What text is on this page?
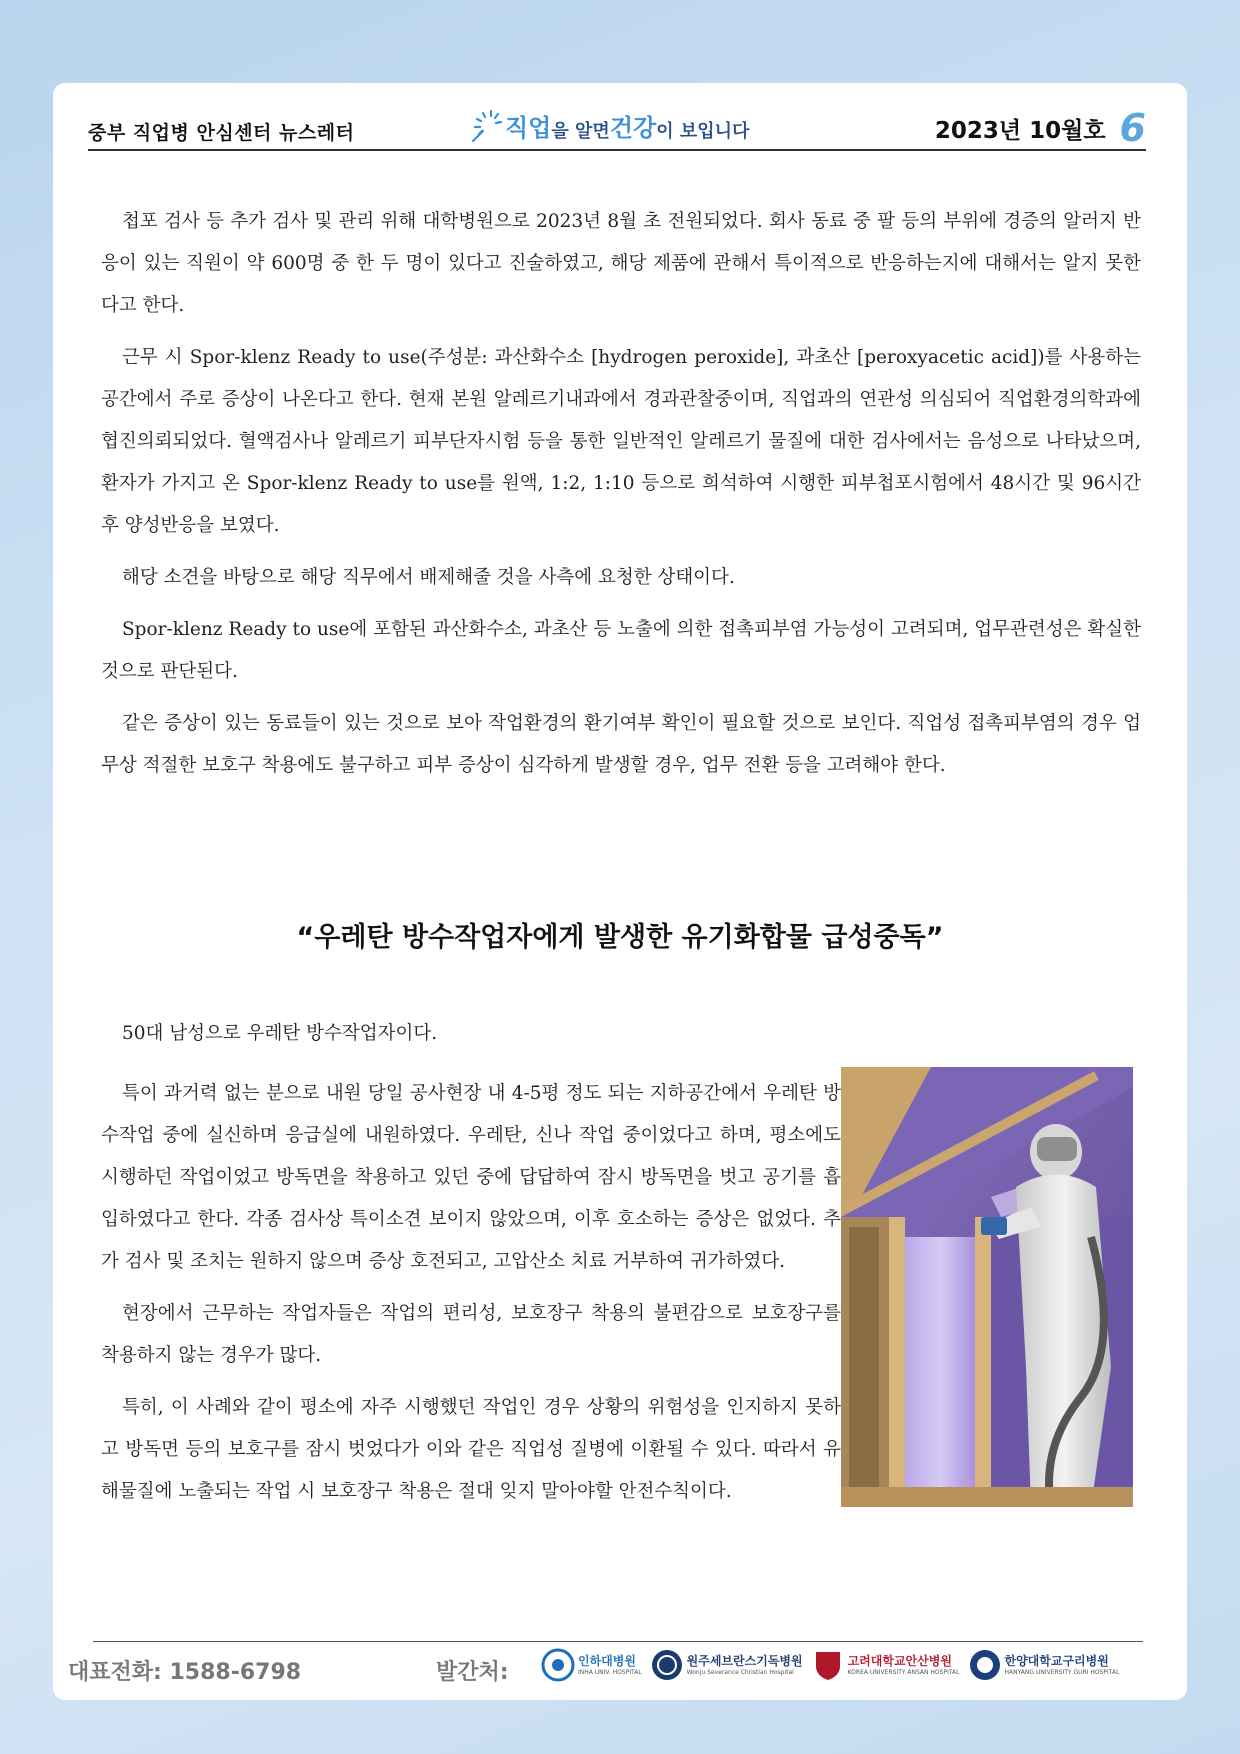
중부 직업병 안심센터 뉴스레터	직업 을 알면 건강 이 보입니다	2023년 10월호 6

첩포 검사 등 추가 검사 및 관리 위해 대학병원으로 2023년 8월 초 전원되었다. 회사 동료 중 팔 등의 부위에 경증의 알러지 반응이 있는 직원이 약 600명 중 한 두 명이 있다고 진술하였고, 해당 제품에 관해서 특이적으로 반응하는지에 대해서는 알지 못한다고 한다.

근무 시 Spor-klenz Ready to use(주성분: 과산화수소 [hydrogen peroxide], 과초산 [peroxyacetic acid])를 사용하는 공간에서 주로 증상이 나온다고 한다. 현재 본원 알레르기내과에서 경과관찰중이며, 직업과의 연관성 의심되어 직업환경의학과에 협진의뢰되었다. 혈액검사나 알레르기 피부단자시험 등을 통한 일반적인 알레르기 물질에 대한 검사에서는 음성으로 나타났으며, 환자가 가지고 온 Spor-klenz Ready to use를 원액, 1:2, 1:10 등으로 희석하여 시행한 피부첩포시험에서 48시간 및 96시간 후 양성반응을 보였다.

해당 소견을 바탕으로 해당 직무에서 배제해줄 것을 사측에 요청한 상태이다.

Spor-klenz Ready to use에 포함된 과산화수소, 과초산 등 노출에 의한 접촉피부염 가능성이 고려되며, 업무관련성은 확실한 것으로 판단된다.

같은 증상이 있는 동료들이 있는 것으로 보아 작업환경의 환기여부 확인이 필요할 것으로 보인다. 직업성 접촉피부염의 경우 업무상 적절한 보호구 착용에도 불구하고 피부 증상이 심각하게 발생할 경우, 업무 전환 등을 고려해야 한다.

“우레탄 방수작업자에게 발생한 유기화합물 급성중독”
50대 남성으로 우레탄 방수작업자이다.

특이 과거력 없는 분으로 내원 당일 공사현장 내 4-5평 정도 되는 지하공간에서 우레탄 방수작업 중에 실신하며 응급실에 내원하였다. 우레탄, 신나 작업 중이었다고 하며, 평소에도 시행하던 작업이었고 방독면을 착용하고 있던 중에 답답하여 잠시 방독면을 벗고 공기를 흡입하였다고 한다. 각종 검사상 특이소견 보이지 않았으며, 이후 호소하는 증상은 없었다. 추가 검사 및 조치는 원하지 않으며 증상 호전되고, 고압산소 치료 거부하여 귀가하였다.

현장에서 근무하는 작업자들은 작업의 편리성, 보호장구 착용의 불편감으로 보호장구를 착용하지 않는 경우가 많다.

특히, 이 사례와 같이 평소에 자주 시행했던 작업인 경우 상황의 위험성을 인지하지 못하고 방독면 등의 보호구를 잠시 벗었다가 이와 같은 직업성 질병에 이환될 수 있다. 따라서 유해물질에 노출되는 작업 시 보호장구 착용은 절대 잊지 말아야할 안전수칙이다.

대표전화: 1588-6798	발간처:	인하대병원
INHA UNIV. HOSPITAL
원주세브란스기독병원
Wonju Severance Christian Hospital
고려대학교안산병원
KOREA UNIVERSITY ANSAN HOSPITAL
한양대학교구리병원
HANYANG UNIVERSITY GURI HOSPITAL
